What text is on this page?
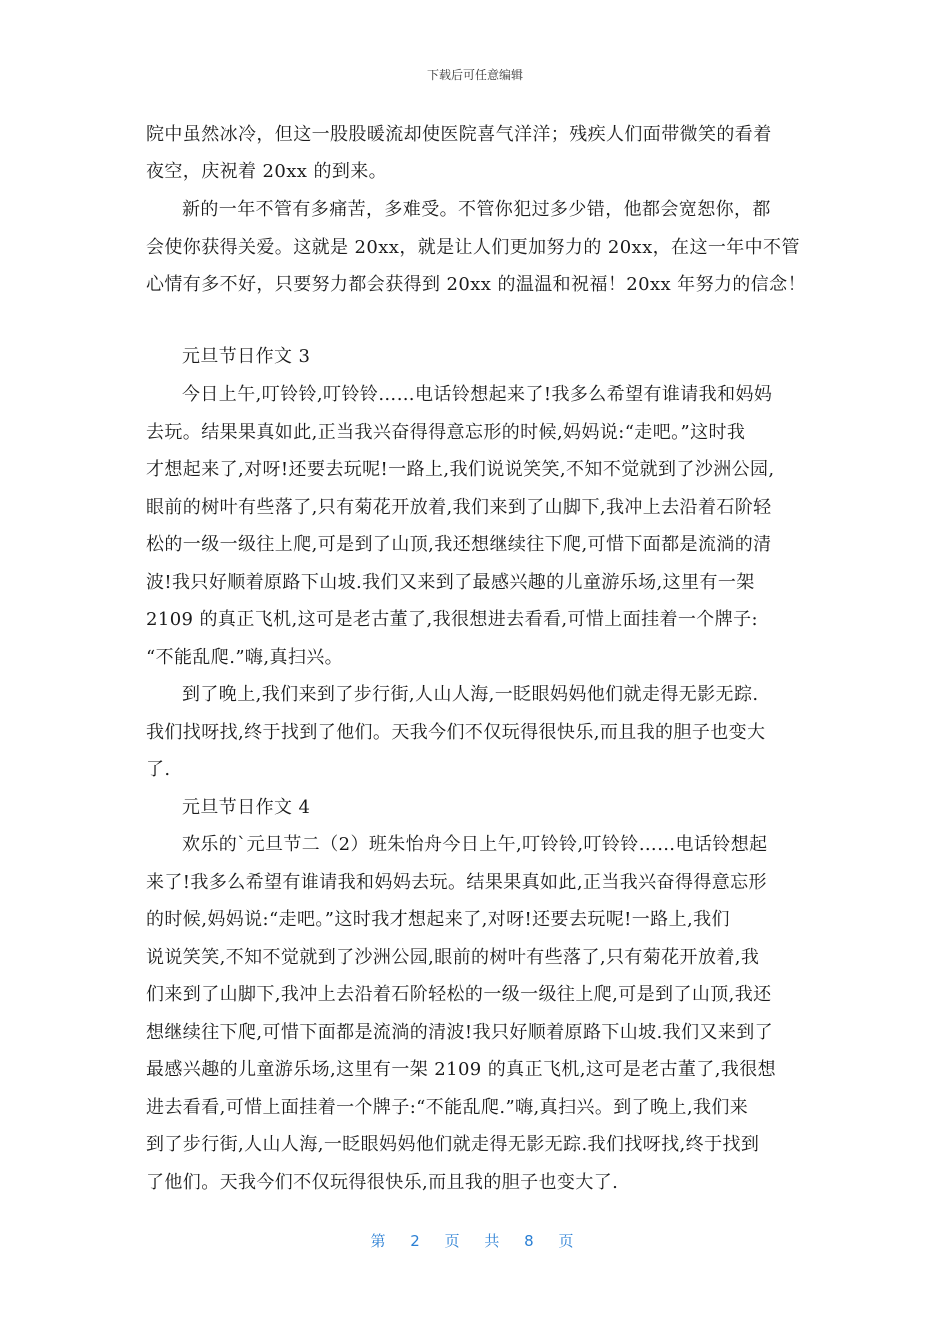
下载后可任意编辑
院中虽然冰冷，但这一股股暖流却使医院喜气洋洋；残疾人们面带微笑的看着
夜空，庆祝着 20xx 的到来。
新的一年不管有多痛苦，多难受。不管你犯过多少错，他都会宽恕你，都
会使你获得关爱。这就是 20xx，就是让人们更加努力的 20xx，在这一年中不管
心情有多不好，只要努力都会获得到 20xx 的温温和祝福！20xx 年努力的信念！
元旦节日作文 3
今日上午,叮铃铃,叮铃铃……电话铃想起来了!我多么希望有谁请我和妈妈
去玩。结果果真如此,正当我兴奋得得意忘形的时候,妈妈说:“走吧。”这时我
才想起来了,对呀!还要去玩呢!一路上,我们说说笑笑,不知不觉就到了沙洲公园,
眼前的树叶有些落了,只有菊花开放着,我们来到了山脚下,我冲上去沿着石阶轻
松的一级一级往上爬,可是到了山顶,我还想继续往下爬,可惜下面都是流淌的清
波!我只好顺着原路下山坡.我们又来到了最感兴趣的儿童游乐场,这里有一架
2109 的真正飞机,这可是老古董了,我很想进去看看,可惜上面挂着一个牌子:
“不能乱爬.”嗨,真扫兴。
到了晚上,我们来到了步行街,人山人海,一眨眼妈妈他们就走得无影无踪.
我们找呀找,终于找到了他们。天我今们不仅玩得很快乐,而且我的胆子也变大
了.
元旦节日作文 4
欢乐的`元旦节二（2）班朱怡舟今日上午,叮铃铃,叮铃铃……电话铃想起
来了!我多么希望有谁请我和妈妈去玩。结果果真如此,正当我兴奋得得意忘形
的时候,妈妈说:“走吧。”这时我才想起来了,对呀!还要去玩呢!一路上,我们
说说笑笑,不知不觉就到了沙洲公园,眼前的树叶有些落了,只有菊花开放着,我
们来到了山脚下,我冲上去沿着石阶轻松的一级一级往上爬,可是到了山顶,我还
想继续往下爬,可惜下面都是流淌的清波!我只好顺着原路下山坡.我们又来到了
最感兴趣的儿童游乐场,这里有一架 2109 的真正飞机,这可是老古董了,我很想
进去看看,可惜上面挂着一个牌子:“不能乱爬.”嗨,真扫兴。到了晚上,我们来
到了步行街,人山人海,一眨眼妈妈他们就走得无影无踪.我们找呀找,终于找到
了他们。天我今们不仅玩得很快乐,而且我的胆子也变大了.
第 2 页 共 8 页
